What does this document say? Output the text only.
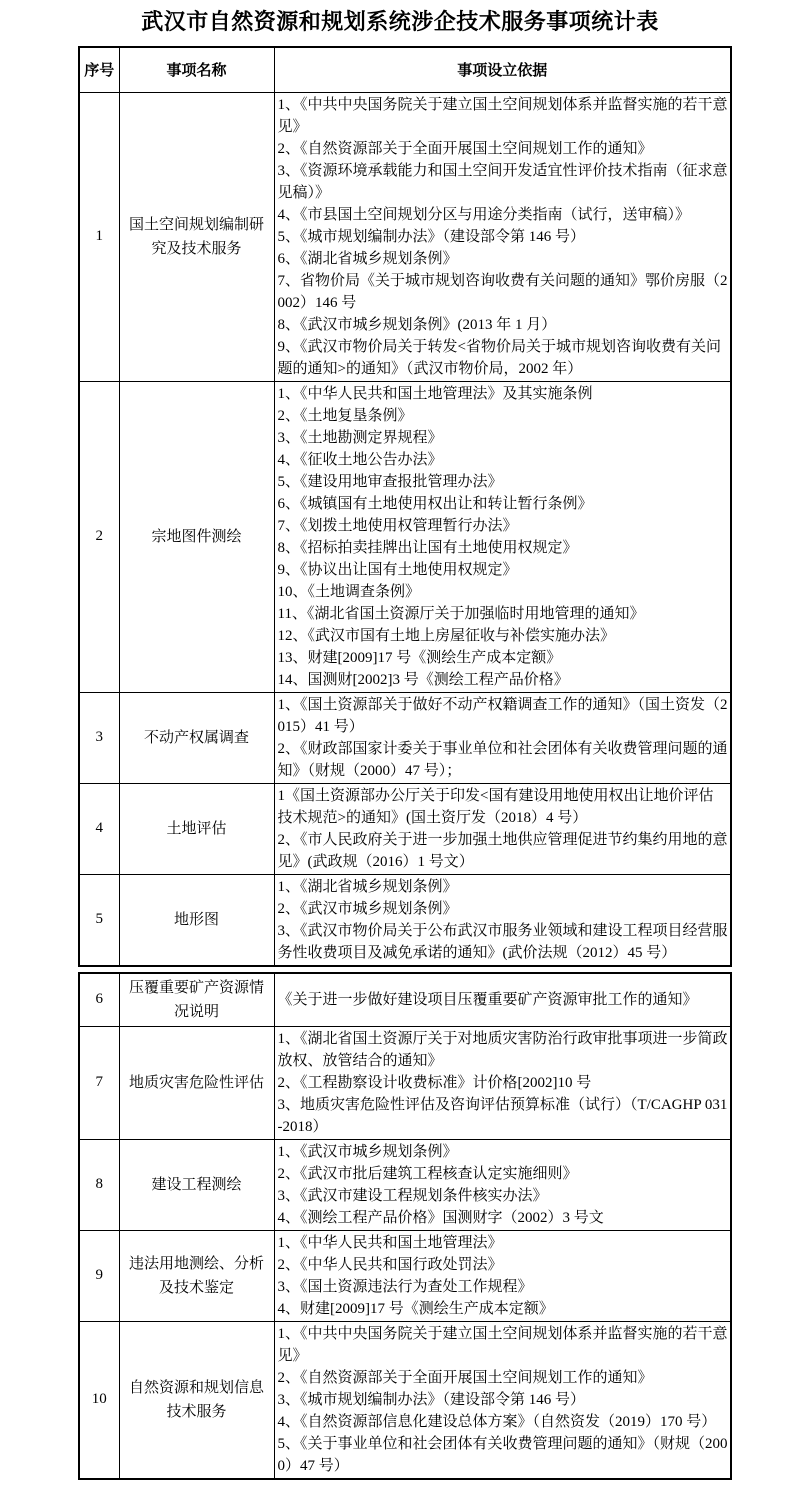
武汉市自然资源和规划系统涉企技术服务事项统计表
序号	事项名称	事项设立依据
1	国土空间规划编制研究及技术服务	
1、《中共中央国务院关于建立国土空间规划体系并监督实施的若干意见》
2、《自然资源部关于全面开展国土空间规划工作的通知》
3、《资源环境承载能力和国土空间开发适宜性评价技术指南（征求意见稿）》
4、《市县国土空间规划分区与用途分类指南（试行，送审稿）》
5、《城市规划编制办法》（建设部令第 146 号）
6、《湖北省城乡规划条例》
7、省物价局《关于城市规划咨询收费有关问题的通知》鄂价房服（2002）146 号
8、《武汉市城乡规划条例》(2013 年 1 月）
9、《武汉市物价局关于转发<省物价局关于城市规划咨询收费有关问题的通知>的通知》（武汉市物价局，2002 年）

2	宗地图件测绘	
1、《中华人民共和国土地管理法》及其实施条例
2、《土地复垦条例》
3、《土地勘测定界规程》
4、《征收土地公告办法》
5、《建设用地审查报批管理办法》
6、《城镇国有土地使用权出让和转让暂行条例》
7、《划拨土地使用权管理暂行办法》
8、《招标拍卖挂牌出让国有土地使用权规定》
9、《协议出让国有土地使用权规定》
10、《土地调查条例》
11、《湖北省国土资源厅关于加强临时用地管理的通知》
12、《武汉市国有土地上房屋征收与补偿实施办法》
13、财建[2009]17 号《测绘生产成本定额》
14、国测财[2002]3 号《测绘工程产品价格》

3	不动产权属调查	1、《国土资源部关于做好不动产权籍调查工作的通知》（国土资发（2015）41 号）
2、《财政部国家计委关于事业单位和社会团体有关收费管理问题的通知》（财规（2000）47 号）；

4	土地评估	1《国土资源部办公厅关于印发<国有建设用地使用权出让地价评估技术规范>的通知》(国土资厅发（2018）4 号）
2、《市人民政府关于进一步加强土地供应管理促进节约集约用地的意见》(武政规（2016）1 号文）

5	地形图	1、《湖北省城乡规划条例》
2、《武汉市城乡规划条例》
3、《武汉市物价局关于公布武汉市服务业领域和建设工程项目经营服务性收费项目及减免承诺的通知》(武价法规（2012）45 号）
6	压覆重要矿产资源情况说明	《关于进一步做好建设项目压覆重要矿产资源审批工作的通知》

7	地质灾害危险性评估	1、《湖北省国土资源厅关于对地质灾害防治行政审批事项进一步简政放权、放管结合的通知》
2、《工程勘察设计收费标准》计价格[2002]10 号
3、地质灾害危险性评估及咨询评估预算标准（试行）（T/CAGHP 031-2018）

8	建设工程测绘	1、《武汉市城乡规划条例》
2、《武汉市批后建筑工程核查认定实施细则》
3、《武汉市建设工程规划条件核实办法》
4、《测绘工程产品价格》国测财字（2002）3 号文

9	违法用地测绘、分析及技术鉴定	1、《中华人民共和国土地管理法》
2、《中华人民共和国行政处罚法》
3、《国土资源违法行为查处工作规程》
4、财建[2009]17 号《测绘生产成本定额》

10	自然资源和规划信息技术服务	1、《中共中央国务院关于建立国土空间规划体系并监督实施的若干意见》
2、《自然资源部关于全面开展国土空间规划工作的通知》
3、《城市规划编制办法》（建设部令第 146 号）
4、《自然资源部信息化建设总体方案》（自然资发（2019）170 号）
5、《关于事业单位和社会团体有关收费管理问题的通知》（财规（2000）47 号）
